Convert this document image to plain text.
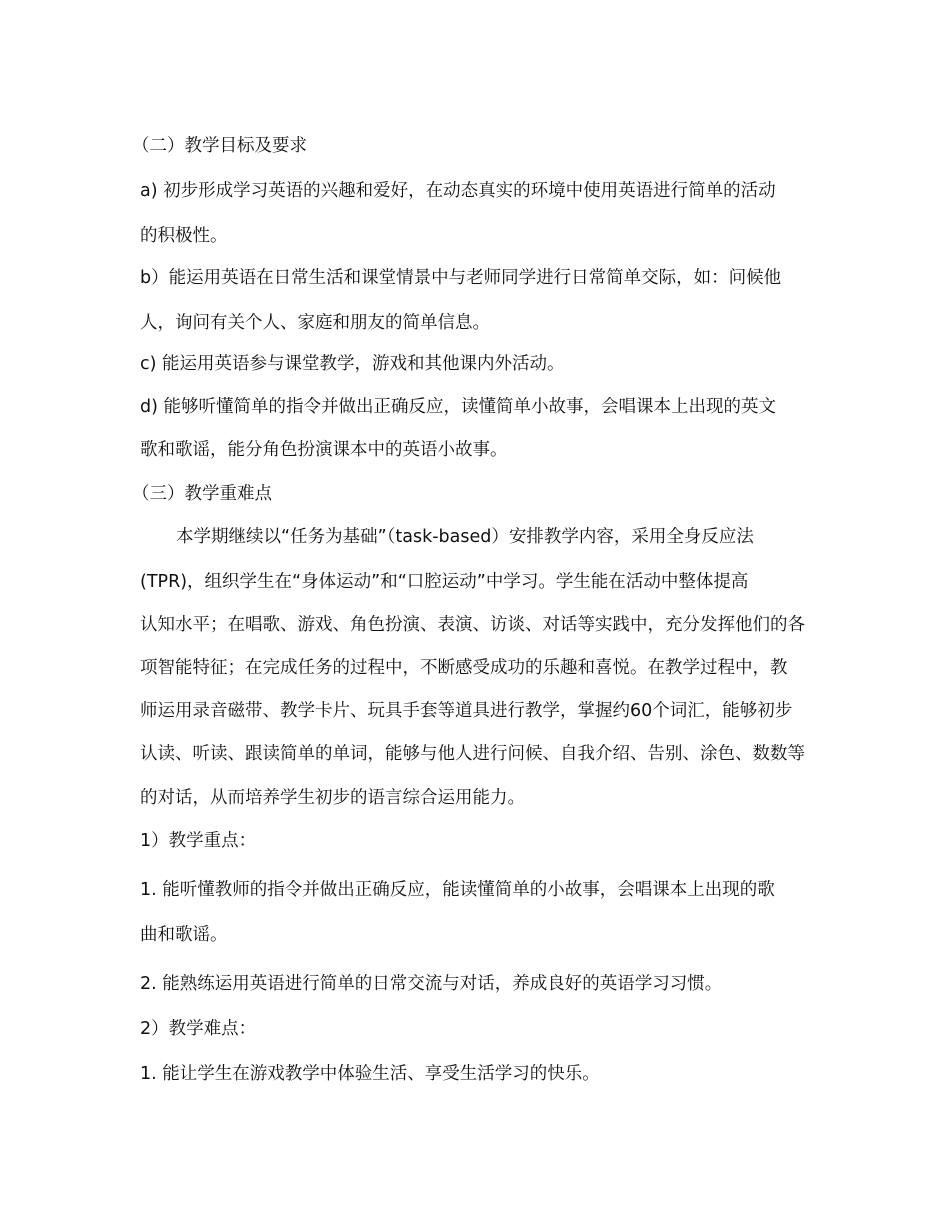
（二）教学目标及要求
a) 初步形成学习英语的兴趣和爱好，在动态真实的环境中使用英语进行简单的活动
的积极性。
b）能运用英语在日常生活和课堂情景中与老师同学进行日常简单交际，如：问候他
人，询问有关个人、家庭和朋友的简单信息。
c) 能运用英语参与课堂教学，游戏和其他课内外活动。
d) 能够听懂简单的指令并做出正确反应，读懂简单小故事，会唱课本上出现的英文
歌和歌谣，能分角色扮演课本中的英语小故事。
（三）教学重难点
本学期继续以“任务为基础”（task-based）安排教学内容，采用全身反应法
(TPR)，组织学生在“身体运动”和“口腔运动”中学习。学生能在活动中整体提高
认知水平；在唱歌、游戏、角色扮演、表演、访谈、对话等实践中，充分发挥他们的各
项智能特征；在完成任务的过程中，不断感受成功的乐趣和喜悦。在教学过程中，教
师运用录音磁带、教学卡片、玩具手套等道具进行教学，掌握约60个词汇，能够初步
认读、听读、跟读简单的单词，能够与他人进行问候、自我介绍、告别、涂色、数数等
的对话，从而培养学生初步的语言综合运用能力。
1）教学重点：
1. 能听懂教师的指令并做出正确反应，能读懂简单的小故事，会唱课本上出现的歌
曲和歌谣。
2. 能熟练运用英语进行简单的日常交流与对话，养成良好的英语学习习惯。
2）教学难点：
1. 能让学生在游戏教学中体验生活、享受生活学习的快乐。
